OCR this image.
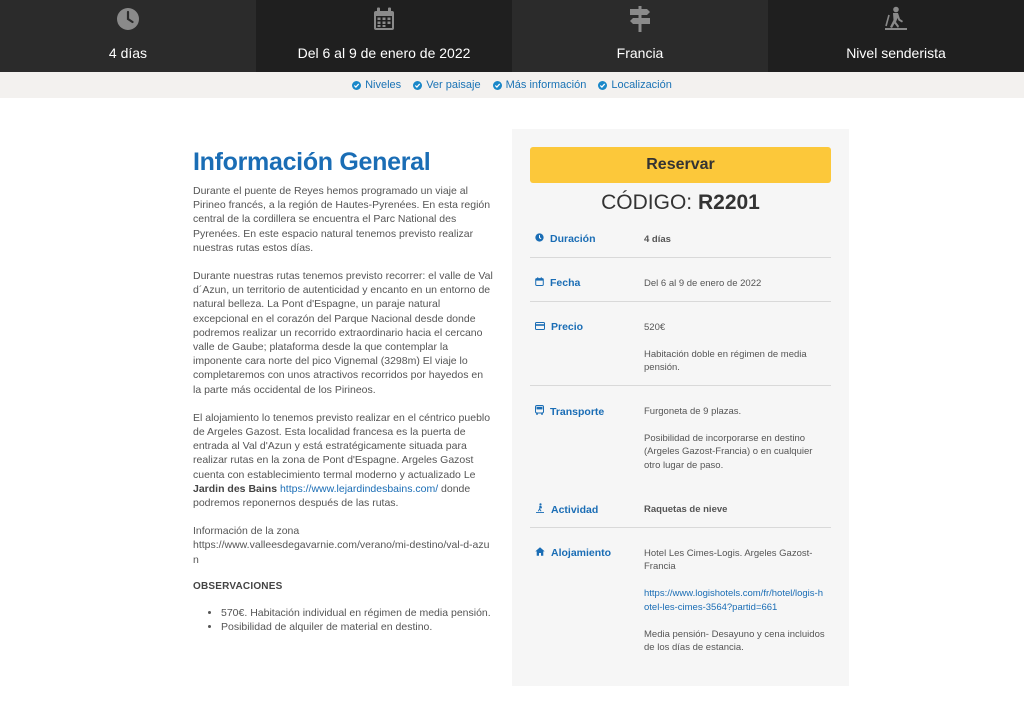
4 días	Del 6 al 9 de enero de 2022	Francia	Nivel senderista
Niveles Ver paisaje Más información Localización
Información General

Durante el puente de Reyes hemos programado un viaje al Pirineo francés, a la región de Hautes-Pyrenées. En esta región central de la cordillera se encuentra el Parc National des Pyrenées. En este espacio natural tenemos previsto realizar nuestras rutas estos días.

Durante nuestras rutas tenemos previsto recorrer: el valle de Val d´Azun, un territorio de autenticidad y encanto en un entorno de natural belleza. La Pont d'Espagne, un paraje natural excepcional en el corazón del Parque Nacional desde donde podremos realizar un recorrido extraordinario hacia el cercano valle de Gaube; plataforma desde la que contemplar la imponente cara norte del pico Vignemal (3298m) El viaje lo completaremos con unos atractivos recorridos por hayedos en la parte más occidental de los Pirineos.

El alojamiento lo tenemos previsto realizar en el céntrico pueblo de Argeles Gazost. Esta localidad francesa es la puerta de entrada al Val d'Azun y está estratégicamente situada para realizar rutas en la zona de Pont d'Espagne. Argeles Gazost cuenta con establecimiento termal moderno y actualizado Le Jardin des Bains https://www.lejardindesbains.com/ donde podremos reponernos después de las rutas.

Información de la zona
https://www.valleesdegavarnie.com/verano/mi-destino/val-d-azun

OBSERVACIONES
• 570€. Habitación individual en régimen de media pensión.
• Posibilidad de alquiler de material en destino.
Reservar
CÓDIGO: R2201
Duración	4 días
Fecha	Del 6 al 9 de enero de 2022
Precio	520€
Habitación doble en régimen de media pensión.
Transporte	Furgoneta de 9 plazas.
Posibilidad de incorporarse en destino (Argeles Gazost-Francia) o en cualquier otro lugar de paso.
Actividad	Raquetas de nieve
Alojamiento	Hotel Les Cimes-Logis. Argeles Gazost-Francia
https://www.logishotels.com/fr/hotel/logis-hotel-les-cimes-3564?partid=661
Media pensión- Desayuno y cena incluidos de los días de estancia.
